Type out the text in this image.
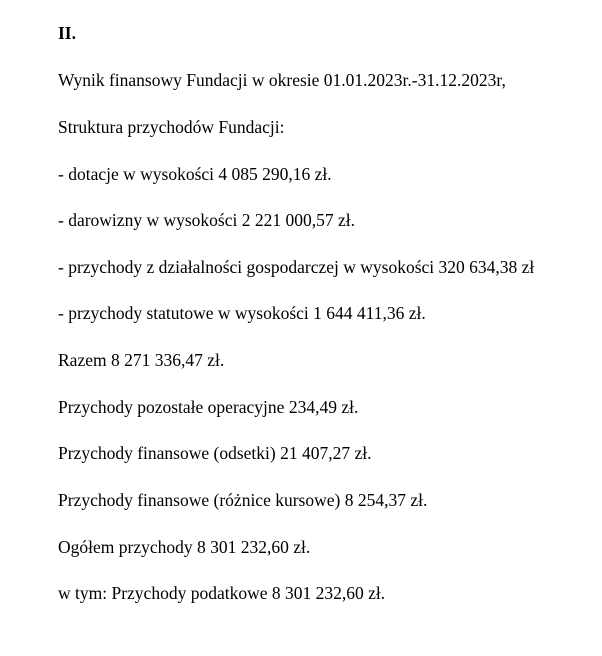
II.
Wynik finansowy Fundacji w okresie 01.01.2023r.-31.12.2023r,
Struktura przychodów Fundacji:
- dotacje w wysokości 4 085 290,16 zł.
- darowizny w wysokości 2 221 000,57 zł.
- przychody z działalności gospodarczej w wysokości 320 634,38 zł
- przychody statutowe w wysokości 1 644 411,36 zł.
Razem 8 271 336,47 zł.
Przychody pozostałe operacyjne 234,49 zł.
Przychody finansowe (odsetki) 21 407,27 zł.
Przychody finansowe (różnice kursowe) 8 254,37 zł.
Ogółem przychody 8 301 232,60 zł.
w tym: Przychody podatkowe 8 301 232,60 zł.
